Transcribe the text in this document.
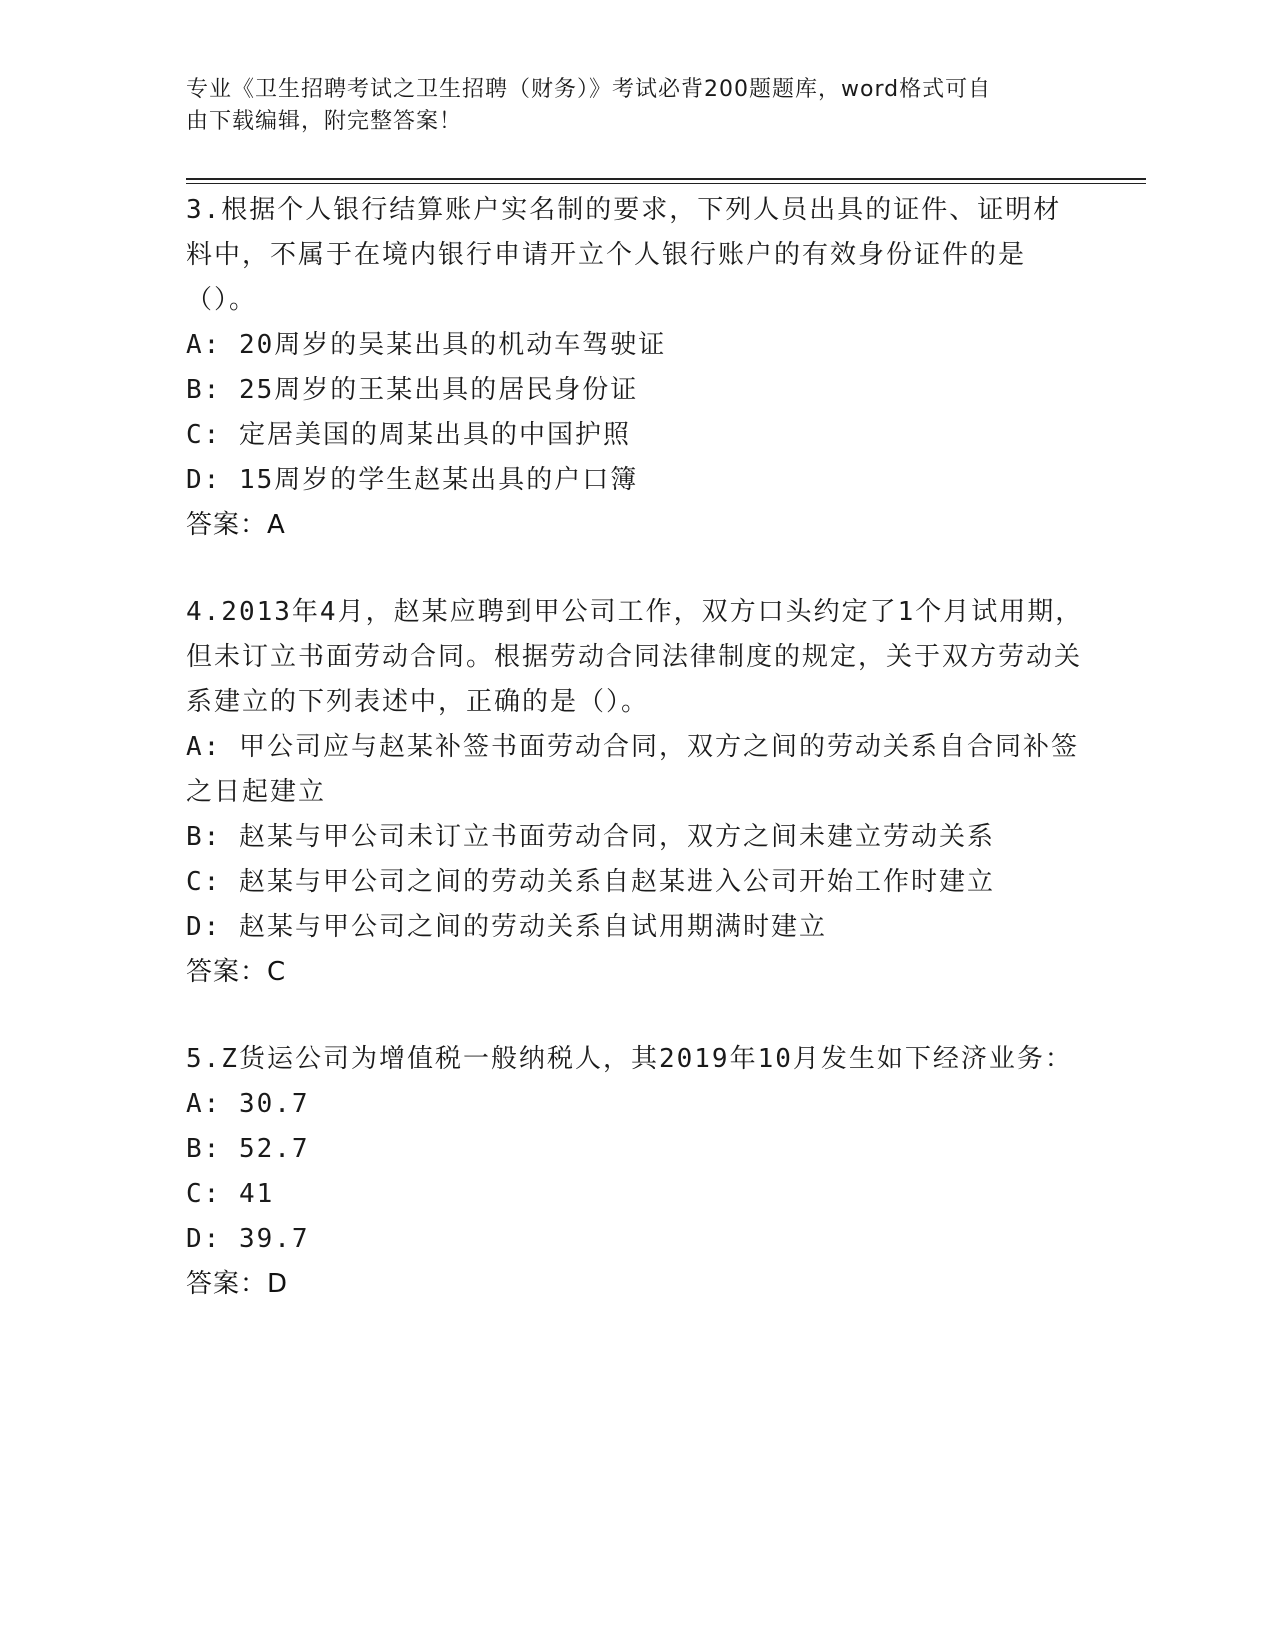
专业《卫生招聘考试之卫生招聘（财务）》考试必背200题题库，word格式可自
由下载编辑，附完整答案！

3.根据个人银行结算账户实名制的要求，下列人员出具的证件、证明材料中，不属于在境内银行申请开立个人银行账户的有效身份证件的是（）。

A: 20周岁的吴某出具的机动车驾驶证

B: 25周岁的王某出具的居民身份证

C: 定居美国的周某出具的中国护照

D: 15周岁的学生赵某出具的户口簿

答案：A

4.2013年4月，赵某应聘到甲公司工作，双方口头约定了1个月试用期，但未订立书面劳动合同。根据劳动合同法律制度的规定，关于双方劳动关系建立的下列表述中，正确的是（）。

A: 甲公司应与赵某补签书面劳动合同，双方之间的劳动关系自合同补签之日起建立

B: 赵某与甲公司未订立书面劳动合同，双方之间未建立劳动关系

C: 赵某与甲公司之间的劳动关系自赵某进入公司开始工作时建立

D: 赵某与甲公司之间的劳动关系自试用期满时建立

答案：C

5.Z货运公司为增值税一般纳税人，其2019年10月发生如下经济业务：

A: 30.7

B: 52.7

C: 41

D: 39.7

答案：D
